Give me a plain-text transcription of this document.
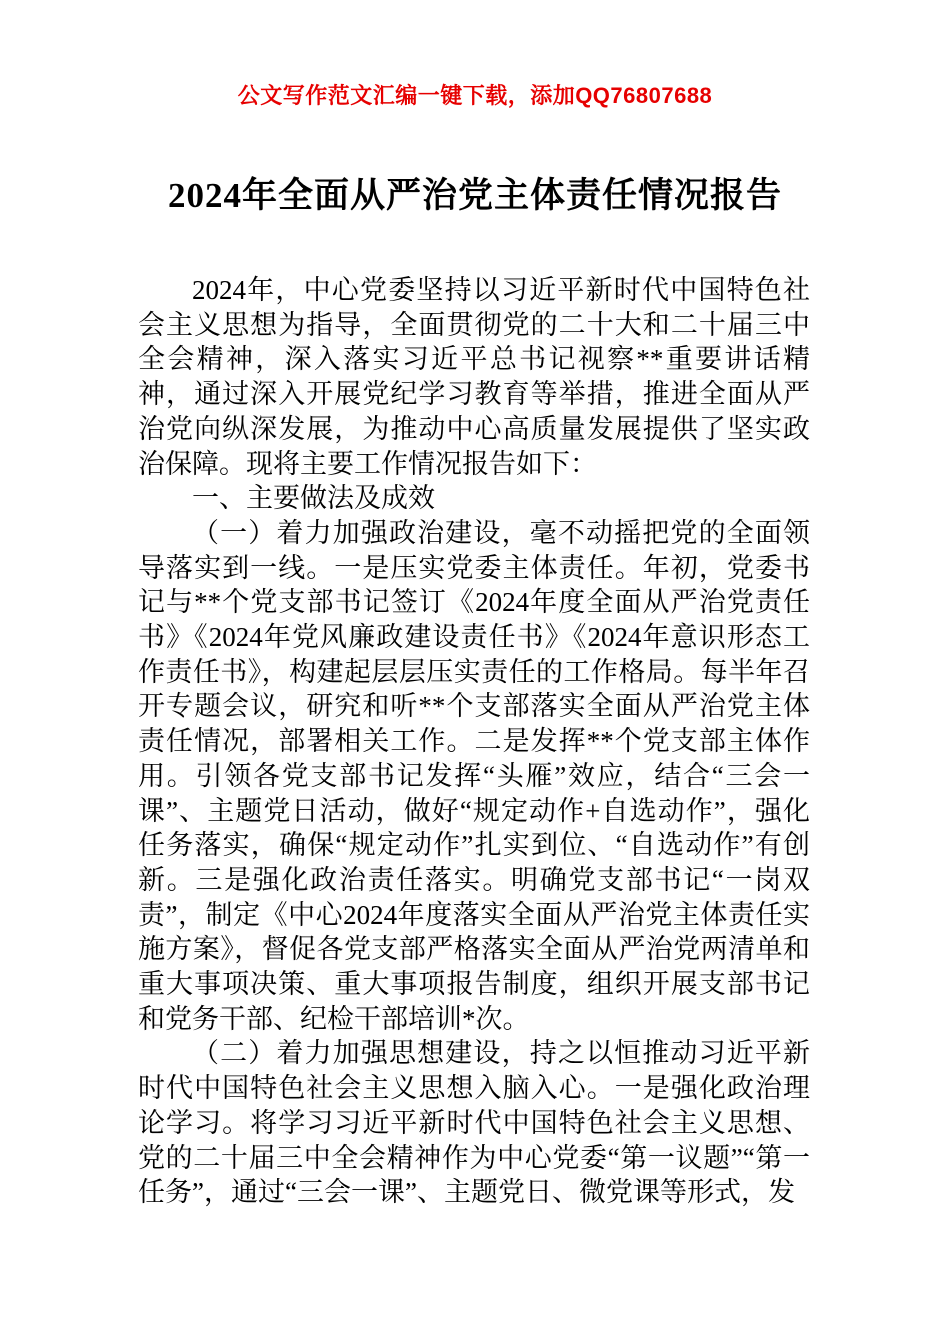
公文写作范文汇编一键下载，添加QQ76807688
2024年全面从严治党主体责任情况报告

2024年，中心党委坚持以习近平新时代中国特色社会主义思想为指导，全面贯彻党的二十大和二十届三中全会精神，深入落实习近平总书记视察**重要讲话精神，通过深入开展党纪学习教育等举措，推进全面从严治党向纵深发展，为推动中心高质量发展提供了坚实政治保障。现将主要工作情况报告如下：

一、主要做法及成效

（一）着力加强政治建设，毫不动摇把党的全面领导落实到一线。一是压实党委主体责任。年初，党委书记与**个党支部书记签订《2024年度全面从严治党责任书》《2024年党风廉政建设责任书》《2024年意识形态工作责任书》，构建起层层压实责任的工作格局。每半年召开专题会议，研究和听**个支部落实全面从严治党主体责任情况，部署相关工作。二是发挥**个党支部主体作用。引领各党支部书记发挥“头雁”效应，结合“三会一课”、主题党日活动，做好“规定动作+自选动作”，强化任务落实，确保“规定动作”扎实到位、“自选动作”有创新。三是强化政治责任落实。明确党支部书记“一岗双责”，制定《中心2024年度落实全面从严治党主体责任实施方案》，督促各党支部严格落实全面从严治党两清单和重大事项决策、重大事项报告制度，组织开展支部书记和党务干部、纪检干部培训*次。

（二）着力加强思想建设，持之以恒推动习近平新时代中国特色社会主义思想入脑入心。一是强化政治理论学习。将学习习近平新时代中国特色社会主义思想、党的二十届三中全会精神作为中心党委“第一议题”“第一任务”，通过“三会一课”、主题党日、微党课等形式，发
